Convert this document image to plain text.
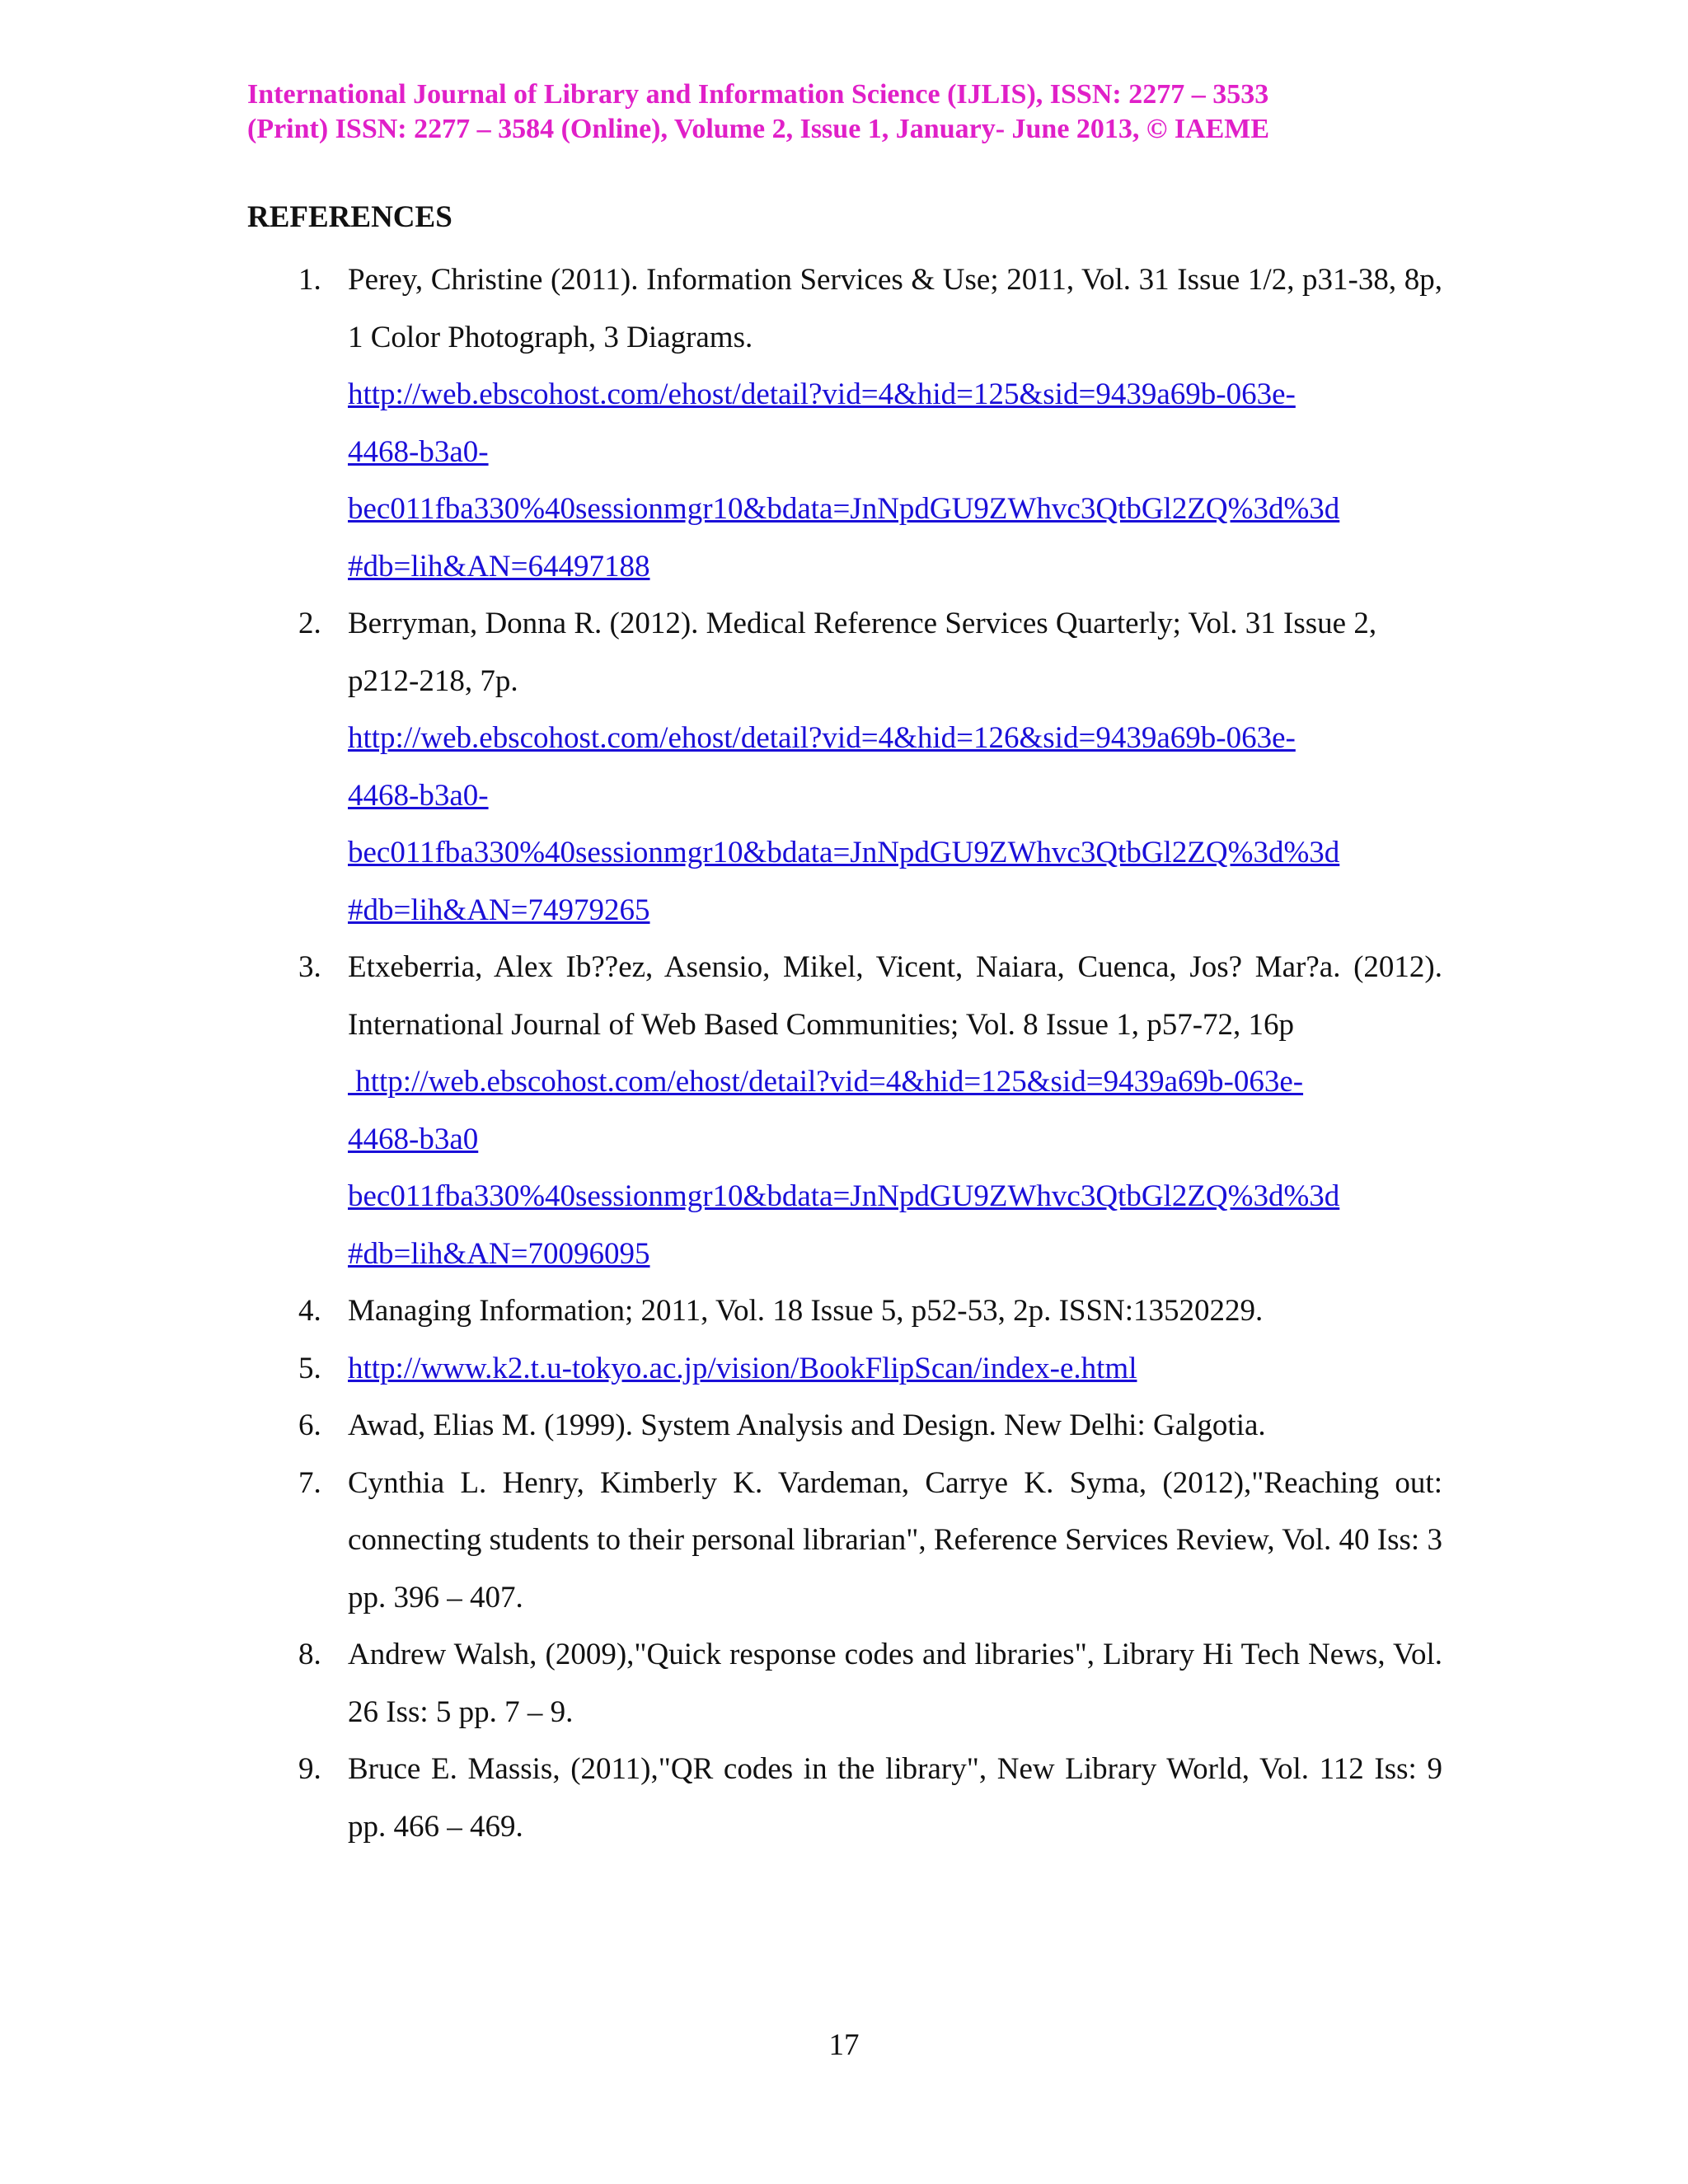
International Journal of Library and Information Science (IJLIS), ISSN: 2277 – 3533
(Print) ISSN: 2277 – 3584 (Online), Volume 2, Issue 1, January- June 2013, © IAEME
REFERENCES
1. Perey, Christine (2011). Information Services & Use; 2011, Vol. 31 Issue 1/2, p31-38, 8p, 1 Color Photograph, 3 Diagrams.
http://web.ebscohost.com/ehost/detail?vid=4&hid=125&sid=9439a69b-063e-
4468-b3a0-
bec011fba330%40sessionmgr10&bdata=JnNpdGU9ZWhvc3QtbGl2ZQ%3d%3d
#db=lih&AN=64497188
2. Berryman, Donna R. (2012). Medical Reference Services Quarterly; Vol. 31 Issue 2, p212-218, 7p.
http://web.ebscohost.com/ehost/detail?vid=4&hid=126&sid=9439a69b-063e-
4468-b3a0-
bec011fba330%40sessionmgr10&bdata=JnNpdGU9ZWhvc3QtbGl2ZQ%3d%3d
#db=lih&AN=74979265
3. Etxeberria, Alex Ib??ez, Asensio, Mikel, Vicent, Naiara, Cuenca, Jos? Mar?a. (2012). International Journal of Web Based Communities; Vol. 8 Issue 1, p57-72, 16p
http://web.ebscohost.com/ehost/detail?vid=4&hid=125&sid=9439a69b-063e-
4468-b3a0
bec011fba330%40sessionmgr10&bdata=JnNpdGU9ZWhvc3QtbGl2ZQ%3d%3d
#db=lih&AN=70096095
4. Managing Information; 2011, Vol. 18 Issue 5, p52-53, 2p. ISSN:13520229.
5. http://www.k2.t.u-tokyo.ac.jp/vision/BookFlipScan/index-e.html
6. Awad, Elias M. (1999). System Analysis and Design. New Delhi: Galgotia.
7. Cynthia L. Henry, Kimberly K. Vardeman, Carrye K. Syma, (2012),"Reaching out: connecting students to their personal librarian", Reference Services Review, Vol. 40 Iss: 3 pp. 396 – 407.
8. Andrew Walsh, (2009),"Quick response codes and libraries", Library Hi Tech News, Vol. 26 Iss: 5 pp. 7 – 9.
9. Bruce E. Massis, (2011),"QR codes in the library", New Library World, Vol. 112 Iss: 9 pp. 466 – 469.
17
